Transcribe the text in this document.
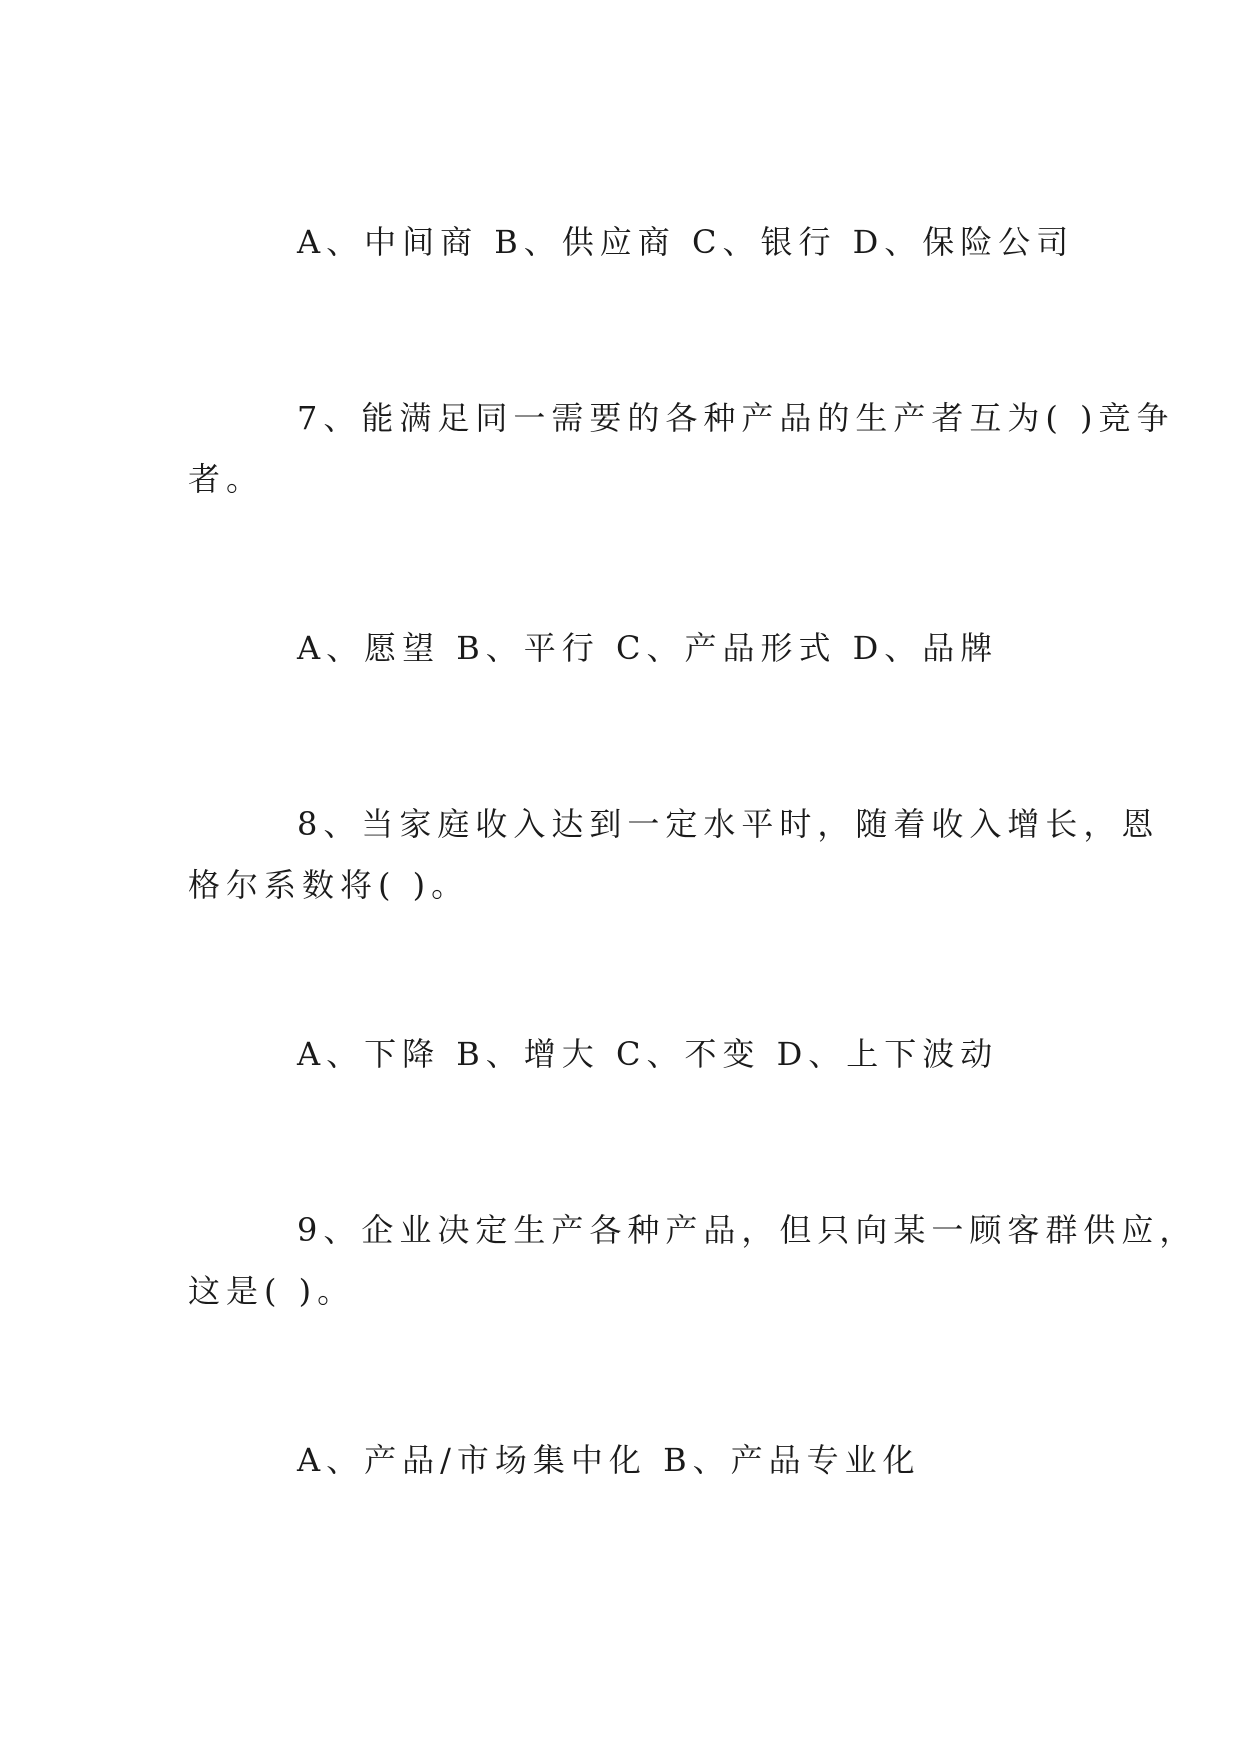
A、中间商 B、供应商 C、银行 D、保险公司
7、能满足同一需要的各种产品的生产者互为( )竞争
者。
A、愿望 B、平行 C、产品形式 D、品牌
8、当家庭收入达到一定水平时，随着收入增长，恩
格尔系数将( )。
A、下降 B、增大 C、不变 D、上下波动
9、企业决定生产各种产品，但只向某一顾客群供应，
这是( )。
A、产品/市场集中化 B、产品专业化
